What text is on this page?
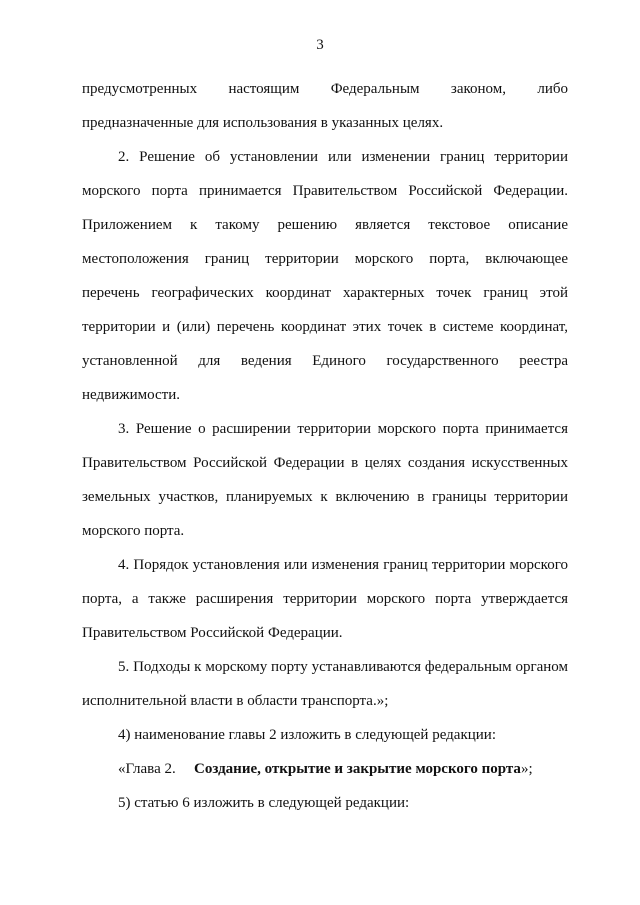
3

предусмотренных настоящим Федеральным законом, либо предназначенные для использования в указанных целях.

2. Решение об установлении или изменении границ территории морского порта принимается Правительством Российской Федерации. Приложением к такому решению является текстовое описание местоположения границ территории морского порта, включающее перечень географических координат характерных точек границ этой территории и (или) перечень координат этих точек в системе координат, установленной для ведения Единого государственного реестра недвижимости.

3. Решение о расширении территории морского порта принимается Правительством Российской Федерации в целях создания искусственных земельных участков, планируемых к включению в границы территории морского порта.

4. Порядок установления или изменения границ территории морского порта, а также расширения территории морского порта утверждается Правительством Российской Федерации.

5. Подходы к морскому порту устанавливаются федеральным органом исполнительной власти в области транспорта.»;

4) наименование главы 2 изложить в следующей редакции:

«Глава 2. Создание, открытие и закрытие морского порта»;

5) статью 6 изложить в следующей редакции:
